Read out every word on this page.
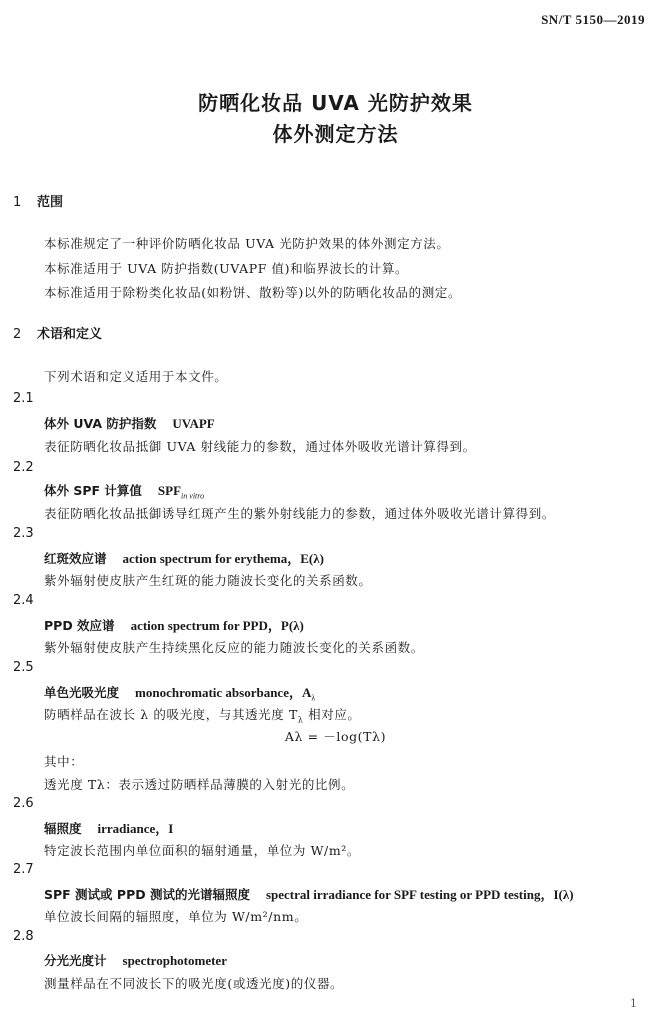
SN/T 5150—2019
防晒化妆品 UVA 光防护效果
体外测定方法
1 范围
本标准规定了一种评价防晒化妆品 UVA 光防护效果的体外测定方法。
本标准适用于 UVA 防护指数(UVAPF 值)和临界波长的计算。
本标准适用于除粉类化妆品(如粉饼、散粉等)以外的防晒化妆品的测定。
2 术语和定义
下列术语和定义适用于本文件。
2.1
体外 UVA 防护指数 UVAPF
表征防晒化妆品抵御 UVA 射线能力的参数，通过体外吸收光谱计算得到。
2.2
体外 SPF 计算值 $SPF_{in vitro}$
表征防晒化妆品抵御诱导红斑产生的紫外射线能力的参数，通过体外吸收光谱计算得到。
2.3
红斑效应谱 action spectrum for erythema，E(λ)
紫外辐射使皮肤产生红斑的能力随波长变化的关系函数。
2.4
PPD 效应谱 action spectrum for PPD，P(λ)
紫外辐射使皮肤产生持续黑化反应的能力随波长变化的关系函数。
2.5
单色光吸光度 monochromatic absorbance，$A_\lambda$
防晒样品在波长 λ 的吸光度，与其透光度 $T_\lambda$ 相对应。
Aλ = －log(Tλ)
其中：
透光度 Tλ：表示透过防晒样品薄膜的入射光的比例。
2.6
辐照度 irradiance，I
特定波长范围内单位面积的辐射通量，单位为 W/m²。
2.7
SPF 测试或 PPD 测试的光谱辐照度 spectral irradiance for SPF testing or PPD testing，I(λ)
单位波长间隔的辐照度，单位为 W/m²/nm。
2.8
分光光度计 spectrophotometer
测量样品在不同波长下的吸光度(或透光度)的仪器。
1
